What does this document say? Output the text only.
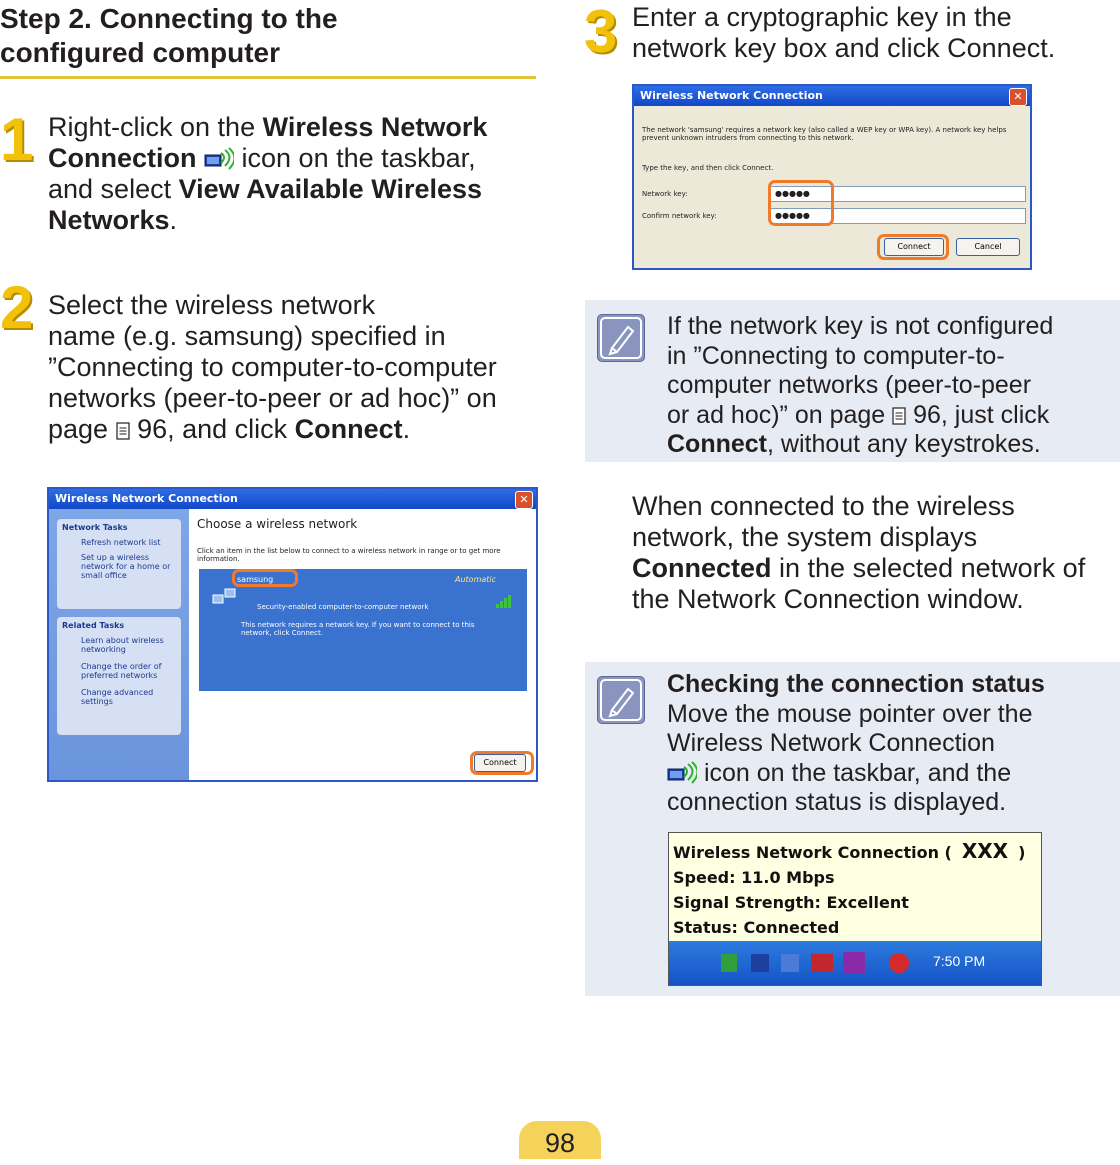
Step 2. Connecting to the
configured computer
1 Right-click on the Wireless Network
Connection  icon on the taskbar,
and select View Available Wireless
Networks.
2 Select the wireless network
name (e.g. samsung) specified in
”Connecting to computer-to-computer
networks (peer-to-peer or ad hoc)” on
page  96, and click Connect.
Wireless Network Connection	✕
Network Tasks
Refresh network list
Set up a wireless network for a home or small office
Related Tasks
Learn about wireless networking
Change the order of preferred networks
Change advanced settings
Choose a wireless network
Click an item in the list below to connect to a wireless network in range or to get more information.
samsung	Automatic
Security-enabled computer-to-computer network
This network requires a network key. If you want to connect to this network, click Connect.
Connect
3 Enter a cryptographic key in the
network key box and click Connect.
Wireless Network Connection	✕
The network 'samsung' requires a network key (also called a WEP key or WPA key). A network key helps prevent unknown intruders from connecting to this network.
Type the key, and then click Connect.
Network key:
Confirm network key:
●●●●●
●●●●●
Connect	Cancel
If the network key is not configured
in ”Connecting to computer-to-
computer networks (peer-to-peer
or ad hoc)” on page  96, just click
Connect, without any keystrokes.
When connected to the wireless
network, the system displays
Connected in the selected network of
the Network Connection window.
Checking the connection status
Move the mouse pointer over the
Wireless Network Connection
icon on the taskbar, and the
connection status is displayed.
Wireless Network Connection ( XXX )
Speed: 11.0 Mbps
Signal Strength: Excellent
Status: Connected
7:50 PM
98
